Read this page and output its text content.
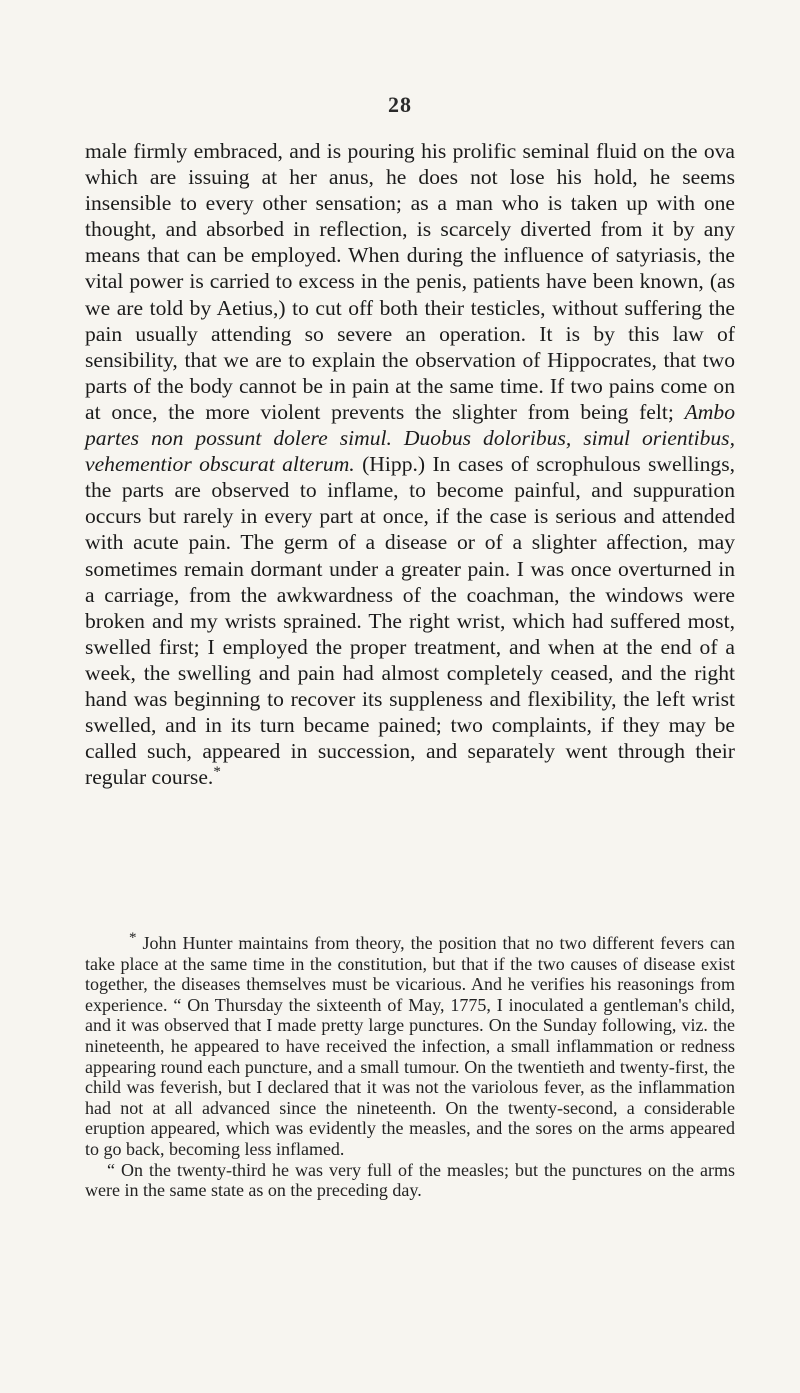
28

male firmly embraced, and is pouring his prolific seminal fluid on the ova which are issuing at her anus, he does not lose his hold, he seems insensible to every other sensation; as a man who is taken up with one thought, and absorbed in reflection, is scarcely diverted from it by any means that can be employed. When during the influence of satyriasis, the vital power is carried to excess in the penis, patients have been known, (as we are told by Aetius,) to cut off both their testicles, without suffering the pain usually attending so severe an operation. It is by this law of sensibility, that we are to explain the observation of Hippocrates, that two parts of the body cannot be in pain at the same time. If two pains come on at once, the more violent prevents the slighter from being felt; Ambo partes non possunt dolere simul. Duobus doloribus, simul orientibus, vehementior obscurat alterum. (Hipp.) In cases of scrophulous swellings, the parts are observed to inflame, to become painful, and suppuration occurs but rarely in every part at once, if the case is serious and attended with acute pain. The germ of a disease or of a slighter affection, may sometimes remain dormant under a greater pain. I was once overturned in a carriage, from the awkwardness of the coachman, the windows were broken and my wrists sprained. The right wrist, which had suffered most, swelled first; I employed the proper treatment, and when at the end of a week, the swelling and pain had almost completely ceased, and the right hand was beginning to recover its suppleness and flexibility, the left wrist swelled, and in its turn became pained; two complaints, if they may be called such, appeared in succession, and separately went through their regular course.*

* John Hunter maintains from theory, the position that no two different fevers can take place at the same time in the constitution, but that if the two causes of disease exist together, the diseases themselves must be vicarious. And he verifies his reasonings from experience. “ On Thursday the sixteenth of May, 1775, I inoculated a gentleman's child, and it was observed that I made pretty large punctures. On the Sunday following, viz. the nineteenth, he appeared to have received the infection, a small inflammation or redness appearing round each puncture, and a small tumour. On the twentieth and twenty-first, the child was feverish, but I declared that it was not the variolous fever, as the inflammation had not at all advanced since the nineteenth. On the twenty-second, a considerable eruption appeared, which was evidently the measles, and the sores on the arms appeared to go back, becoming less inflamed.

“ On the twenty-third he was very full of the measles; but the punctures on the arms were in the same state as on the preceding day.
